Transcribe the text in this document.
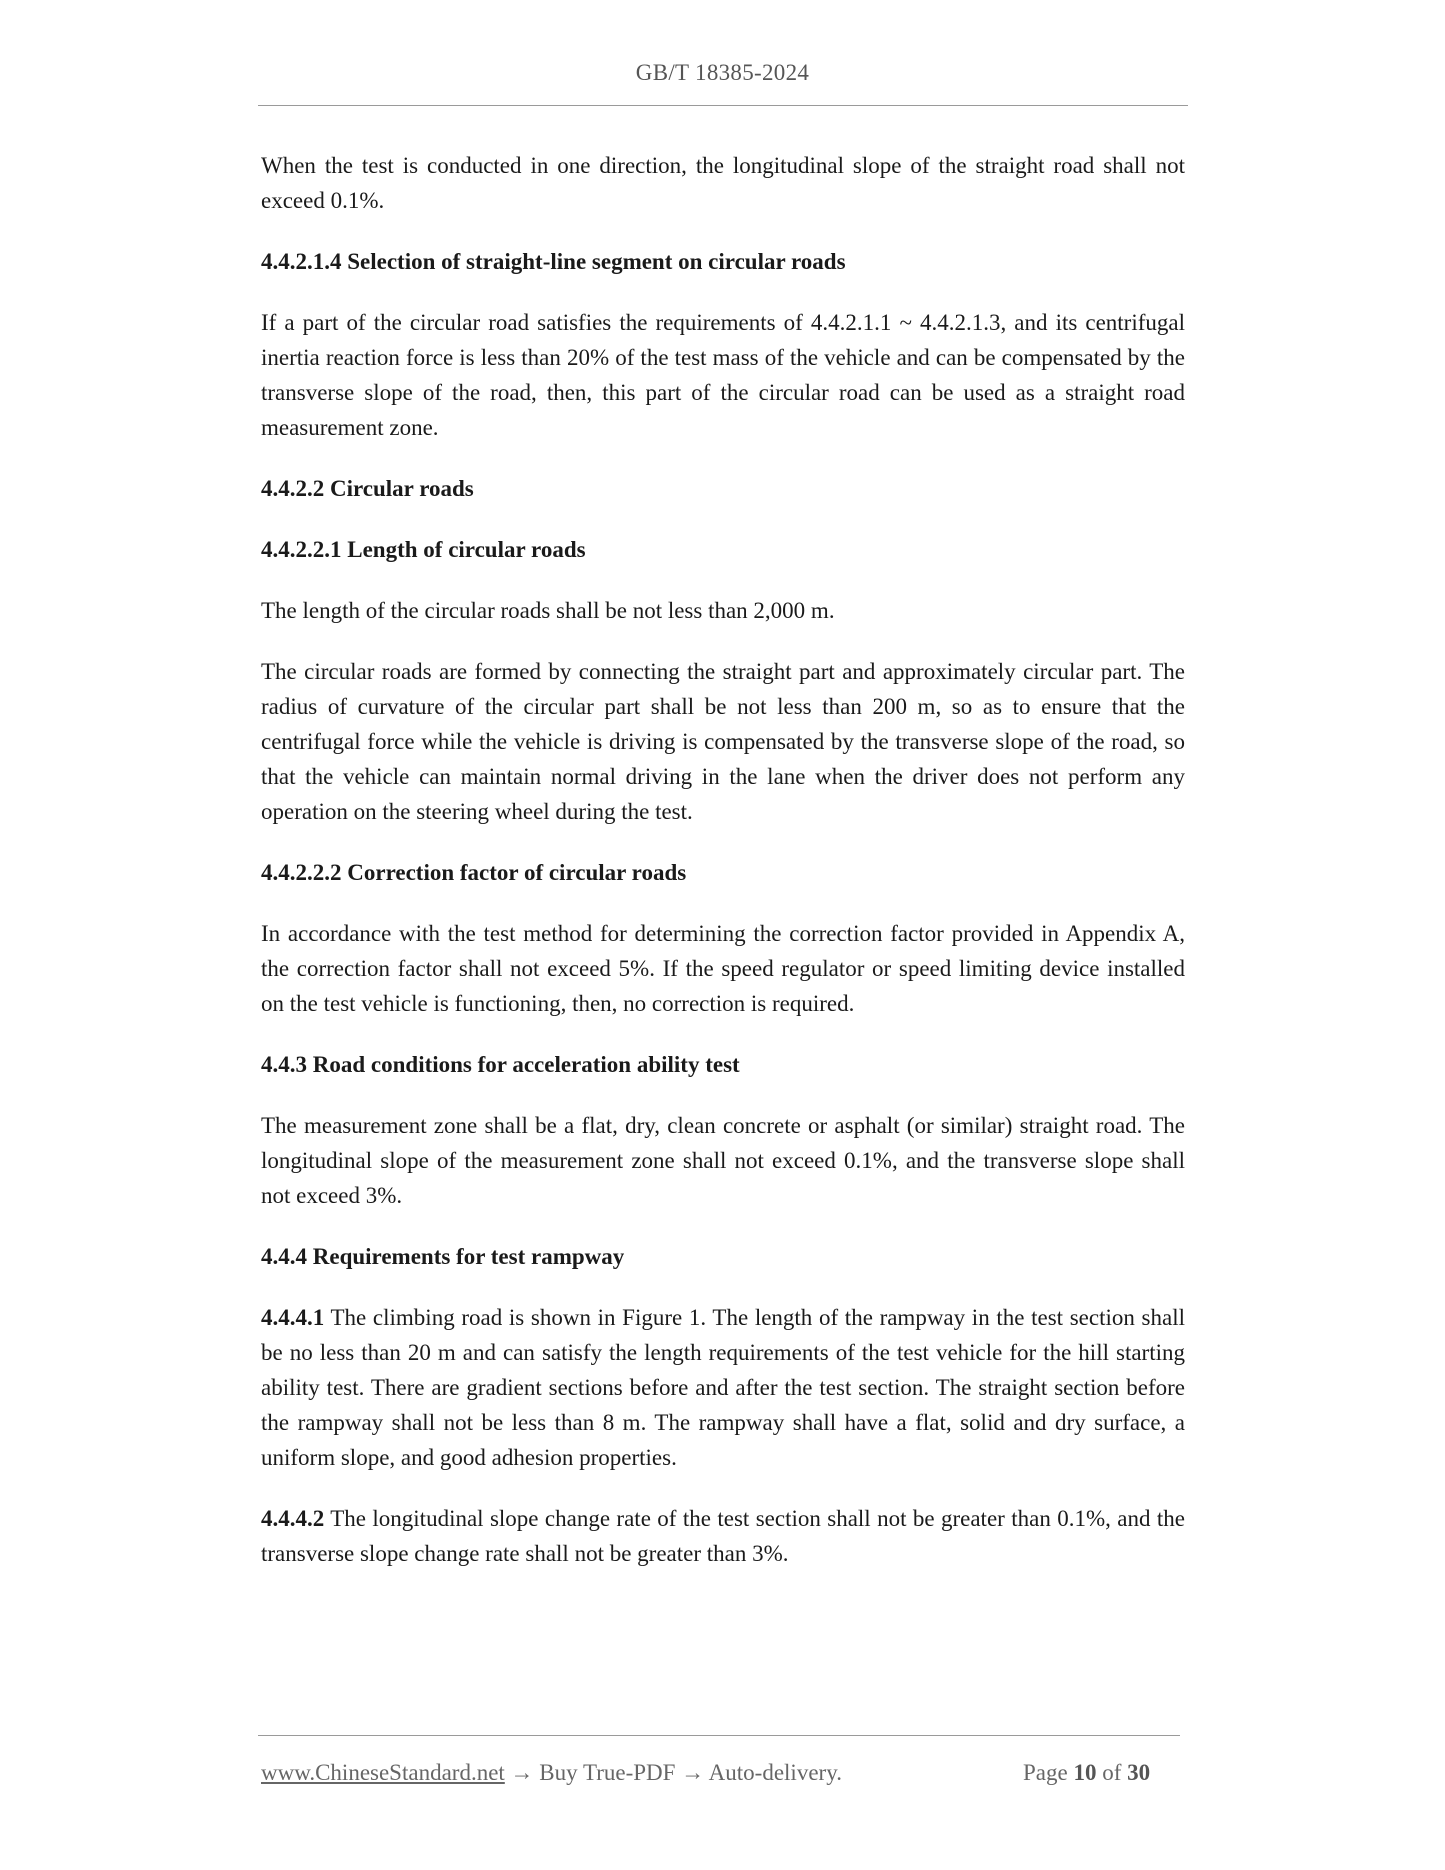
GB/T 18385-2024

When the test is conducted in one direction, the longitudinal slope of the straight road shall not exceed 0.1%.

4.4.2.1.4 Selection of straight-line segment on circular roads

If a part of the circular road satisfies the requirements of 4.4.2.1.1 ~ 4.4.2.1.3, and its centrifugal inertia reaction force is less than 20% of the test mass of the vehicle and can be compensated by the transverse slope of the road, then, this part of the circular road can be used as a straight road measurement zone.

4.4.2.2 Circular roads
4.4.2.2.1 Length of circular roads

The length of the circular roads shall be not less than 2,000 m.

The circular roads are formed by connecting the straight part and approximately circular part. The radius of curvature of the circular part shall be not less than 200 m, so as to ensure that the centrifugal force while the vehicle is driving is compensated by the transverse slope of the road, so that the vehicle can maintain normal driving in the lane when the driver does not perform any operation on the steering wheel during the test.

4.4.2.2.2 Correction factor of circular roads

In accordance with the test method for determining the correction factor provided in Appendix A, the correction factor shall not exceed 5%. If the speed regulator or speed limiting device installed on the test vehicle is functioning, then, no correction is required.

4.4.3 Road conditions for acceleration ability test

The measurement zone shall be a flat, dry, clean concrete or asphalt (or similar) straight road. The longitudinal slope of the measurement zone shall not exceed 0.1%, and the transverse slope shall not exceed 3%.

4.4.4 Requirements for test rampway

4.4.4.1 The climbing road is shown in Figure 1. The length of the rampway in the test section shall be no less than 20 m and can satisfy the length requirements of the test vehicle for the hill starting ability test. There are gradient sections before and after the test section. The straight section before the rampway shall not be less than 8 m. The rampway shall have a flat, solid and dry surface, a uniform slope, and good adhesion properties.

4.4.4.2 The longitudinal slope change rate of the test section shall not be greater than 0.1%, and the transverse slope change rate shall not be greater than 3%.

www.ChineseStandard.net → Buy True-PDF → Auto-delivery.	Page 10 of 30
